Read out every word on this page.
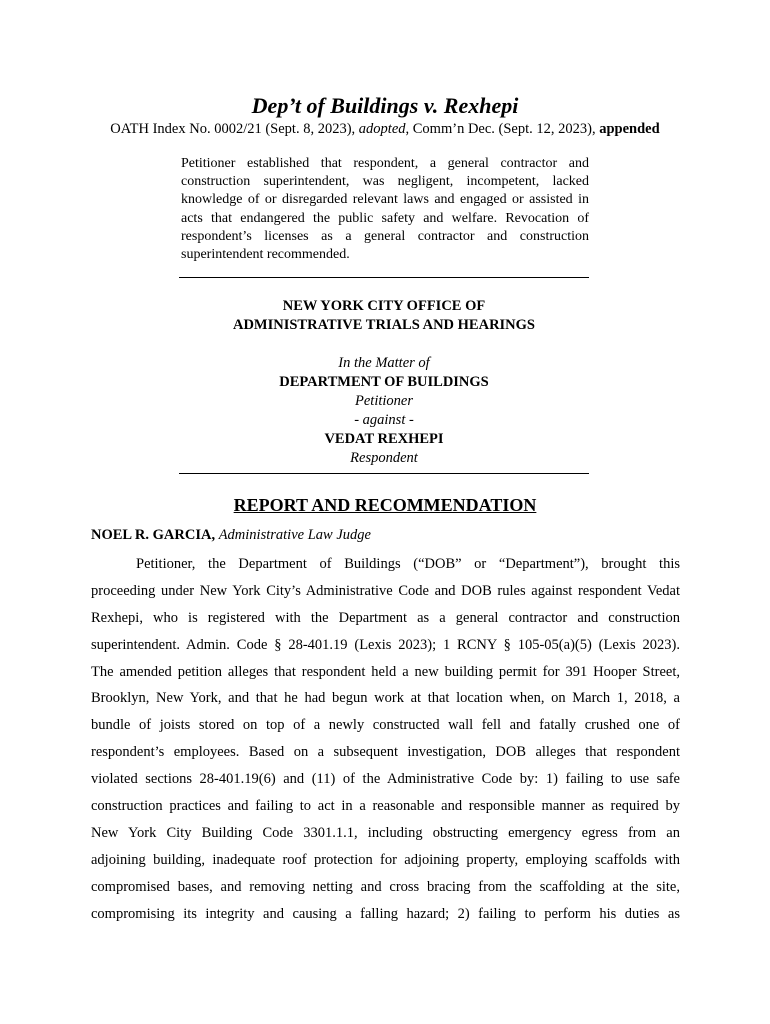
Dep’t of Buildings v. Rexhepi
OATH Index No. 0002/21 (Sept. 8, 2023), adopted, Comm’n Dec. (Sept. 12, 2023), appended
Petitioner established that respondent, a general contractor and construction superintendent, was negligent, incompetent, lacked knowledge of or disregarded relevant laws and engaged or assisted in acts that endangered the public safety and welfare. Revocation of respondent’s licenses as a general contractor and construction superintendent recommended.
NEW YORK CITY OFFICE OF
ADMINISTRATIVE TRIALS AND HEARINGS
In the Matter of
DEPARTMENT OF BUILDINGS
Petitioner
- against -
VEDAT REXHEPI
Respondent
REPORT AND RECOMMENDATION
NOEL R. GARCIA, Administrative Law Judge
Petitioner, the Department of Buildings (“DOB” or “Department”), brought this
proceeding under New York City’s Administrative Code and DOB rules against respondent Vedat
Rexhepi, who is registered with the Department as a general contractor and construction
superintendent. Admin. Code § 28-401.19 (Lexis 2023); 1 RCNY § 105-05(a)(5) (Lexis 2023).
The amended petition alleges that respondent held a new building permit for 391 Hooper Street,
Brooklyn, New York, and that he had begun work at that location when, on March 1, 2018, a
bundle of joists stored on top of a newly constructed wall fell and fatally crushed one of
respondent’s employees. Based on a subsequent investigation, DOB alleges that respondent
violated sections 28-401.19(6) and (11) of the Administrative Code by: 1) failing to use safe
construction practices and failing to act in a reasonable and responsible manner as required by
New York City Building Code 3301.1.1, including obstructing emergency egress from an
adjoining building, inadequate roof protection for adjoining property, employing scaffolds with
compromised bases, and removing netting and cross bracing from the scaffolding at the site,
compromising its integrity and causing a falling hazard; 2) failing to perform his duties as
